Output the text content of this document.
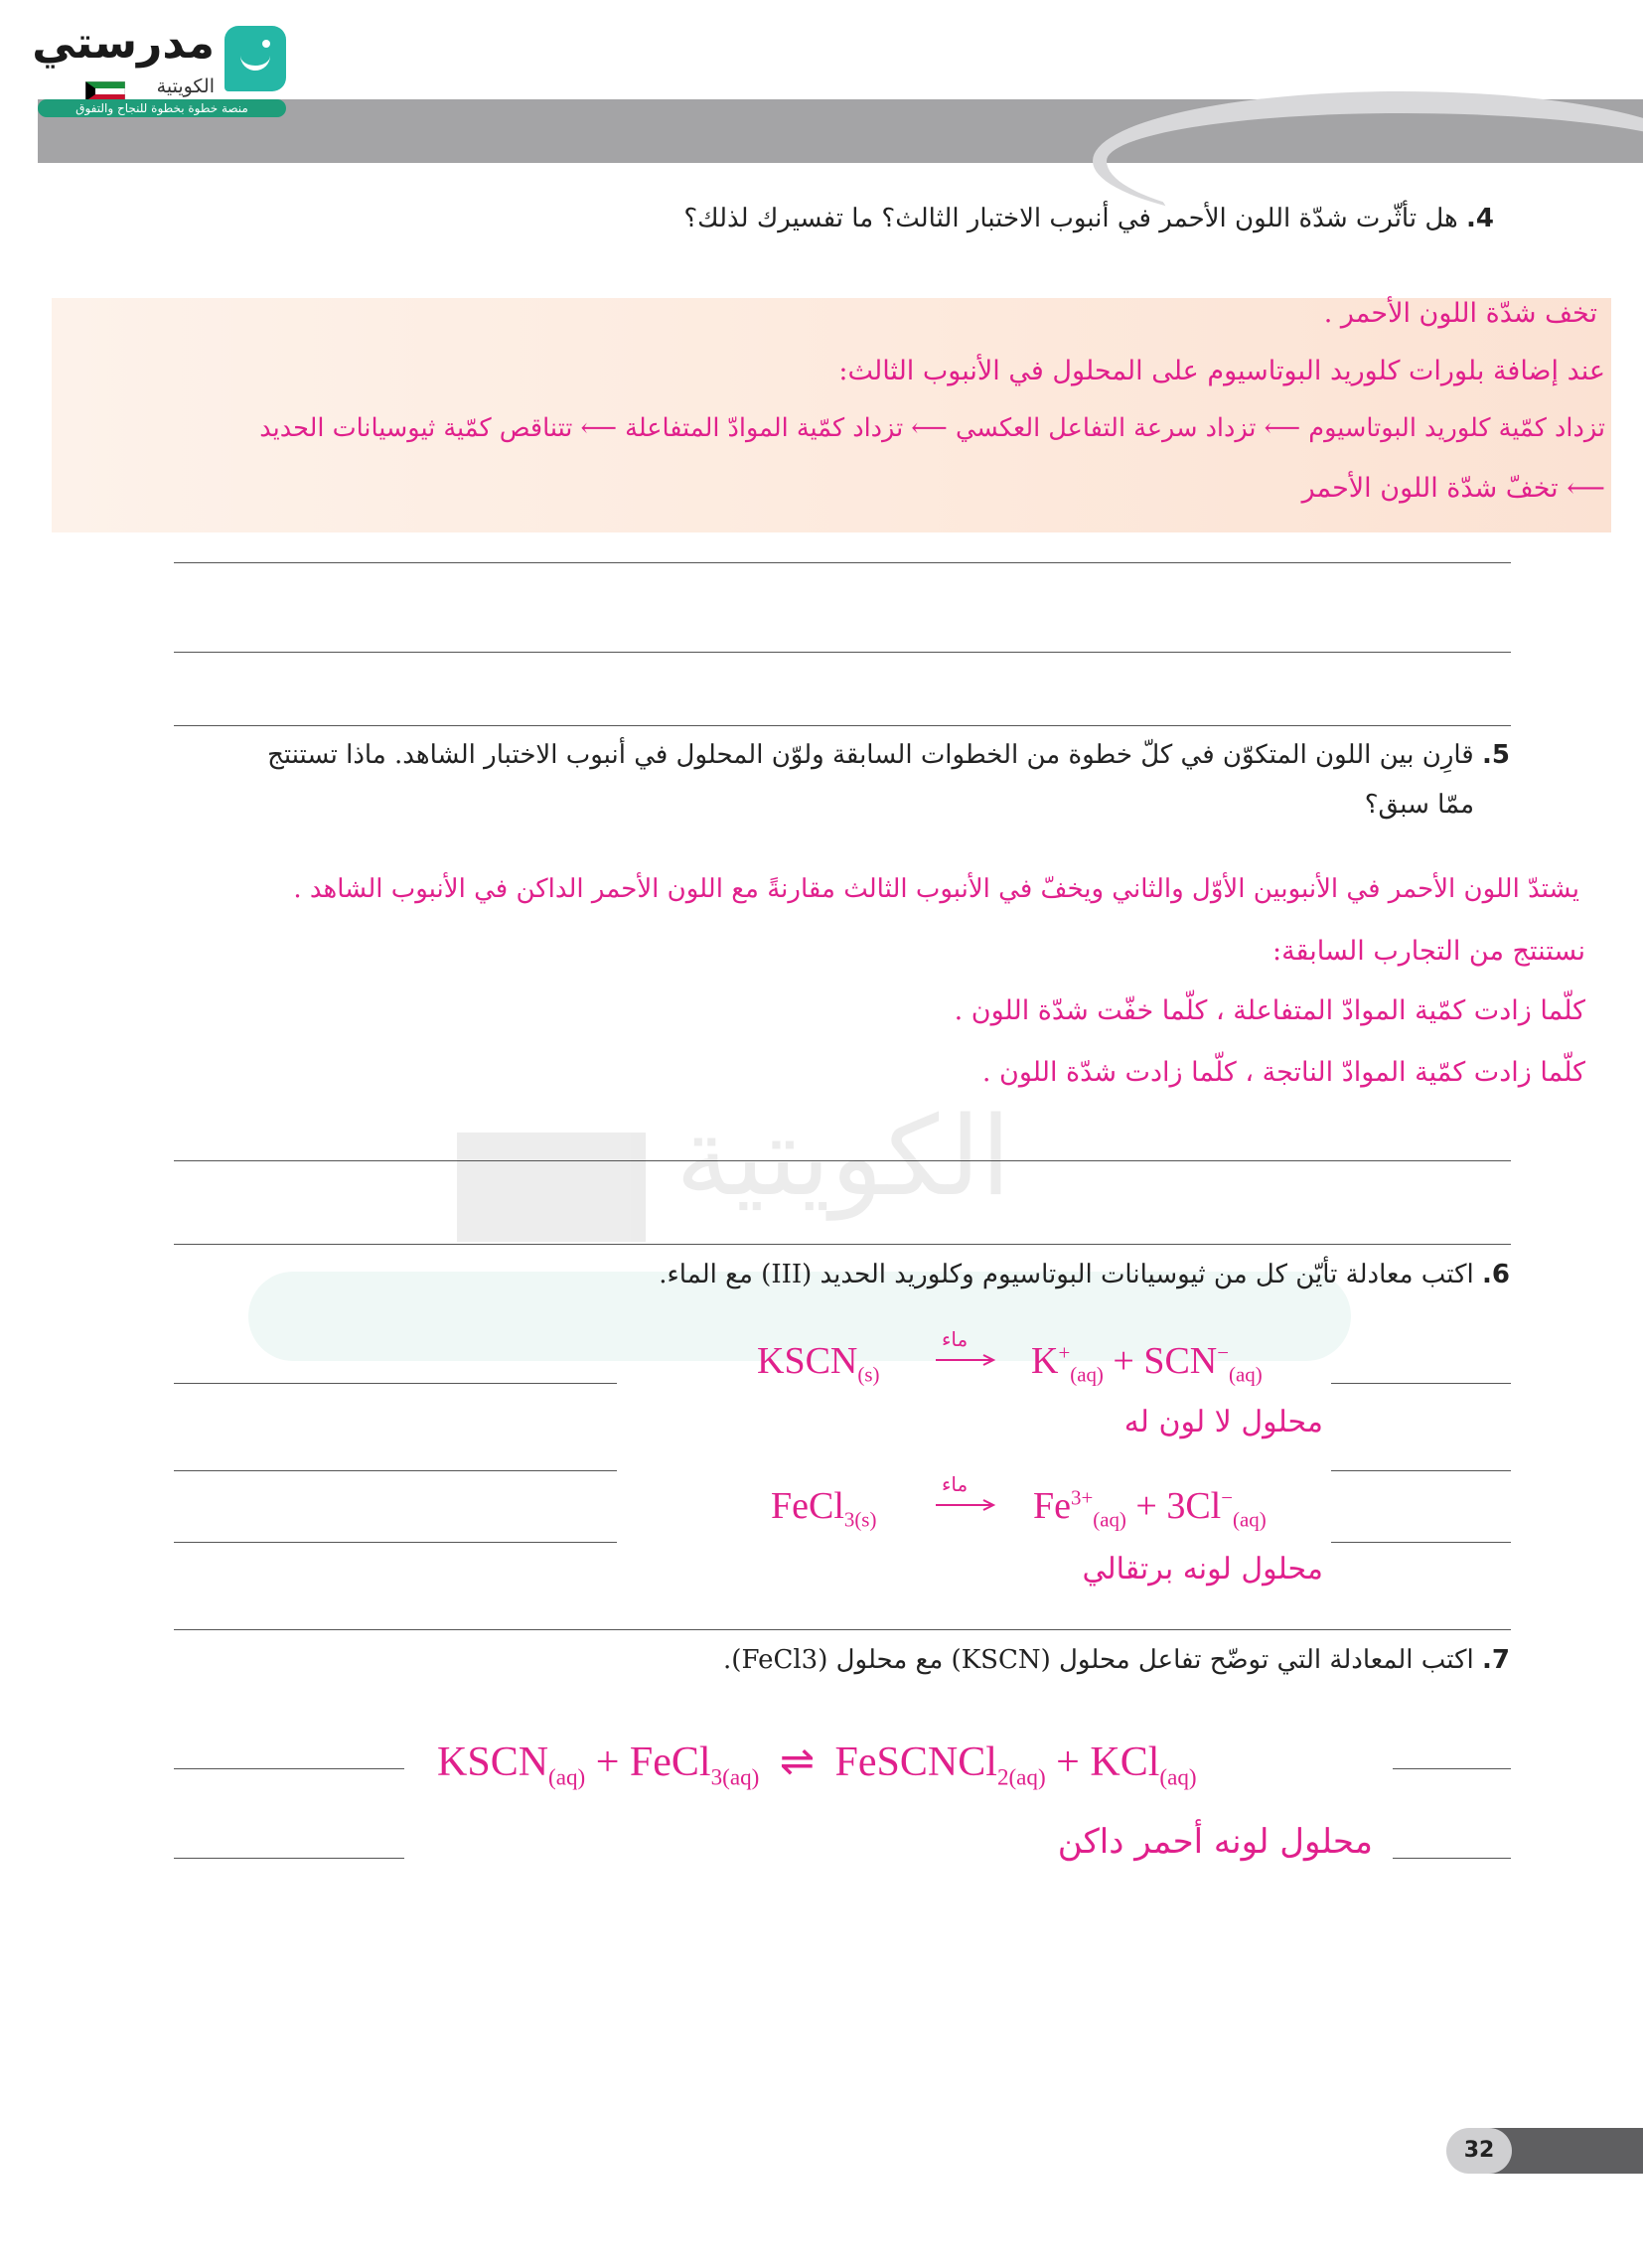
مدرستي
الكويتية
منصة خطوة بخطوة للنجاح والتفوق
الكويتية
4. هل تأثّرت شدّة اللون الأحمر في أنبوب الاختبار الثالث؟ ما تفسيرك لذلك؟
تخف شدّة اللون الأحمر .
عند إضافة بلورات كلوريد البوتاسيوم على المحلول في الأنبوب الثالث:
تزداد كمّية كلوريد البوتاسيوم ⟵ تزداد سرعة التفاعل العكسي ⟵ تزداد كمّية الموادّ المتفاعلة ⟵ تتناقص كمّية ثيوسيانات الحديد
⟵ تخفّ شدّة اللون الأحمر
5. قارِن بين اللون المتكوّن في كلّ خطوة من الخطوات السابقة ولوّن المحلول في أنبوب الاختبار الشاهد. ماذا تستنتج
ممّا سبق؟
يشتدّ اللون الأحمر في الأنبوبين الأوّل والثاني ويخفّ في الأنبوب الثالث مقارنةً مع اللون الأحمر الداكن في الأنبوب الشاهد .
نستنتج من التجارب السابقة:
كلّما زادت كمّية الموادّ المتفاعلة ، كلّما خفّت شدّة اللون .
كلّما زادت كمّية الموادّ الناتجة ، كلّما زادت شدّة اللون .
6. اكتب معادلة تأيّن كل من ثيوسيانات البوتاسيوم وكلوريد الحديد (III) مع الماء.
$KSCN_{(s)}$
ماء
$K^+_{(aq)} + SCN^-_{(aq)}$
محلول لا لون له
FeCl$_{3(s)}$
ماء
$Fe^{3+}_{(aq)} + 3Cl^-_{(aq)}$
محلول لونه برتقالي
7. اكتب المعادلة التي توضّح تفاعل محلول (KSCN) مع محلول (FeCl3).
$KSCN_{(aq)}$ + FeCl$_{3(aq)}$ ⇌ FeSCNCl$_{2(aq)}$ + KCl$_{(aq)}$
محلول لونه أحمر داكن
32
